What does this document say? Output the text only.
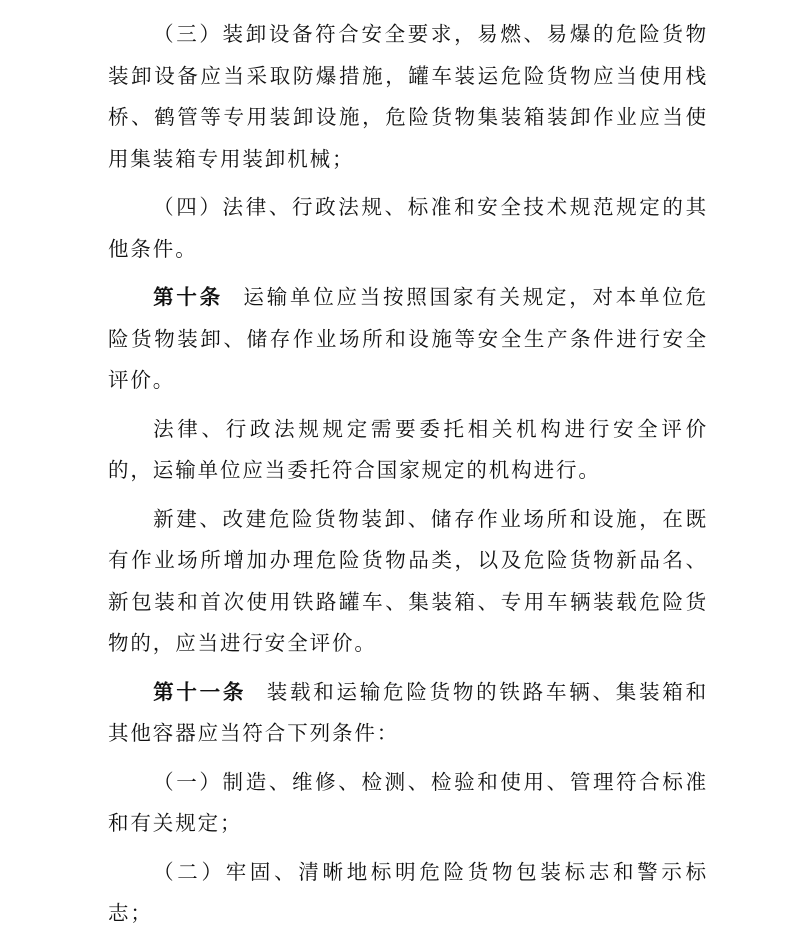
（三）装卸设备符合安全要求，易燃、易爆的危险货物装卸设备应当采取防爆措施，罐车装运危险货物应当使用栈桥、鹤管等专用装卸设施，危险货物集装箱装卸作业应当使用集装箱专用装卸机械；

（四）法律、行政法规、标准和安全技术规范规定的其他条件。

第十条 运输单位应当按照国家有关规定，对本单位危险货物装卸、储存作业场所和设施等安全生产条件进行安全评价。

法律、行政法规规定需要委托相关机构进行安全评价的，运输单位应当委托符合国家规定的机构进行。

新建、改建危险货物装卸、储存作业场所和设施，在既有作业场所增加办理危险货物品类，以及危险货物新品名、新包装和首次使用铁路罐车、集装箱、专用车辆装载危险货物的，应当进行安全评价。

第十一条 装载和运输危险货物的铁路车辆、集装箱和其他容器应当符合下列条件：

（一）制造、维修、检测、检验和使用、管理符合标准和有关规定；

（二）牢固、清晰地标明危险货物包装标志和警示标志；
